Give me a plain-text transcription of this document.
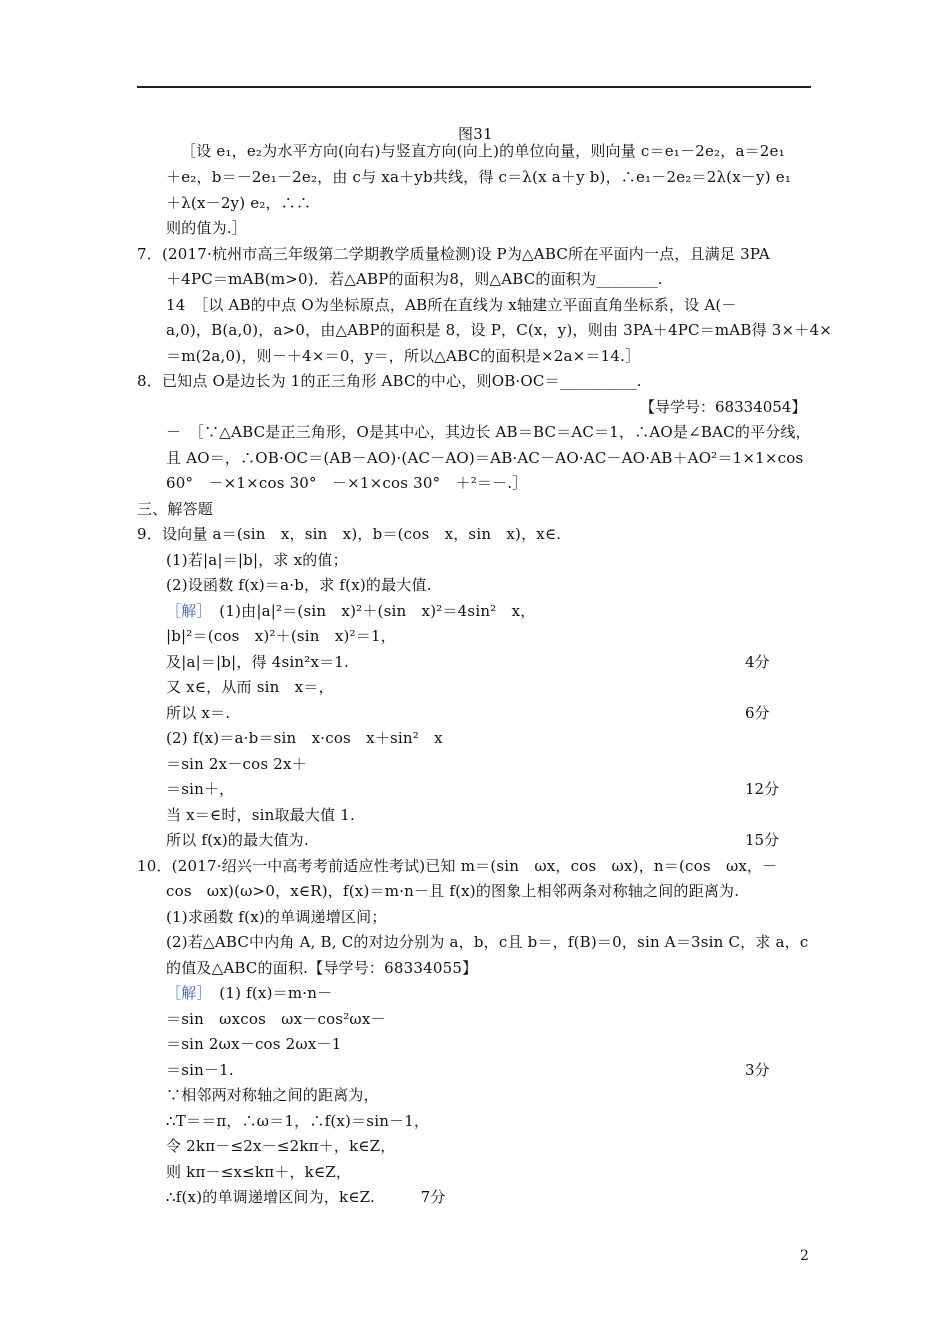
图31
［设 e₁，e₂为水平方向(向右)与竖直方向(向上)的单位向量，则向量 c＝e₁－2e₂，a＝2e₁
＋e₂，b＝－2e₁－2e₂，由 c与 xa＋yb共线，得 c＝λ(x a＋y b)，∴e₁－2e₂＝2λ(x－y) e₁
＋λ(x－2y) e₂，∴∴
则的值为.］
7．(2017·杭州市高三年级第二学期教学质量检测)设 P为△ABC所在平面内一点，且满足 3PA
＋4PC＝mAB(m>0)．若△ABP的面积为8，则△ABC的面积为________.
14　［以 AB的中点 O为坐标原点，AB所在直线为 x轴建立平面直角坐标系，设 A(－
a,0)，B(a,0)，a>0，由△ABP的面积是 8，设 P，C(x，y)，则由 3PA＋4PC＝mAB得 3×＋4×
＝m(2a,0)，则－＋4×＝0，y＝，所以△ABC的面积是×2a×＝14.］
8．已知点 O是边长为 1的正三角形 ABC的中心，则OB·OC＝__________.
－　［∵△ABC是正三角形，O是其中心，其边长 AB＝BC＝AC＝1，∴AO是∠BAC的平分线，
且 AO＝，∴OB·OC＝(AB－AO)·(AC－AO)＝AB·AC－AO·AC－AO·AB＋AO²＝1×1×cos
60°　－×1×cos 30°　－×1×cos 30°　＋²＝－.］
三、解答题
9．设向量 a＝(sin　x，sin　x)，b＝(cos　x，sin　x)，x∈.
(1)若|a|＝|b|，求 x的值；
(2)设函数 f(x)＝a·b，求 f(x)的最大值.
［解］　(1)由|a|²＝(sin　x)²＋(sin　x)²＝4sin²　x，
|b|²＝(cos　x)²＋(sin　x)²＝1，
及|a|＝|b|，得 4sin²x＝1.
又 x∈，从而 sin　x＝，
所以 x＝.
(2) f(x)＝a·b＝sin　x·cos　x＋sin²　x
＝sin 2x－cos 2x＋
＝sin＋，
当 x＝∈时，sin取最大值 1.
所以 f(x)的最大值为.
10．(2017·绍兴一中高考考前适应性考试)已知 m＝(sin　ωx，cos　ωx)，n＝(cos　ωx，－
cos　ωx)(ω>0，x∈R)，f(x)＝m·n－且 f(x)的图象上相邻两条对称轴之间的距离为.
(1)求函数 f(x)的单调递增区间；
(2)若△ABC中内角 A, B, C的对边分别为 a，b，c且 b＝，f(B)＝0，sin A＝3sin C，求 a，c
的值及△ABC的面积.【导学号：68334055】
［解］　(1) f(x)＝m·n－
＝sin　ωxcos　ωx－cos²ωx－
＝sin 2ωx－cos 2ωx－1
＝sin－1.
∵相邻两对称轴之间的距离为，
∴T＝＝π，∴ω＝1，∴f(x)＝sin－1，
令 2kπ－≤2x－≤2kπ＋，k∈Z，
则 kπ－≤x≤kπ＋，k∈Z，
∴f(x)的单调递增区间为，k∈Z.　　　7分
【导学号：68334054】
4分
6分
12分
15分
3分
2
